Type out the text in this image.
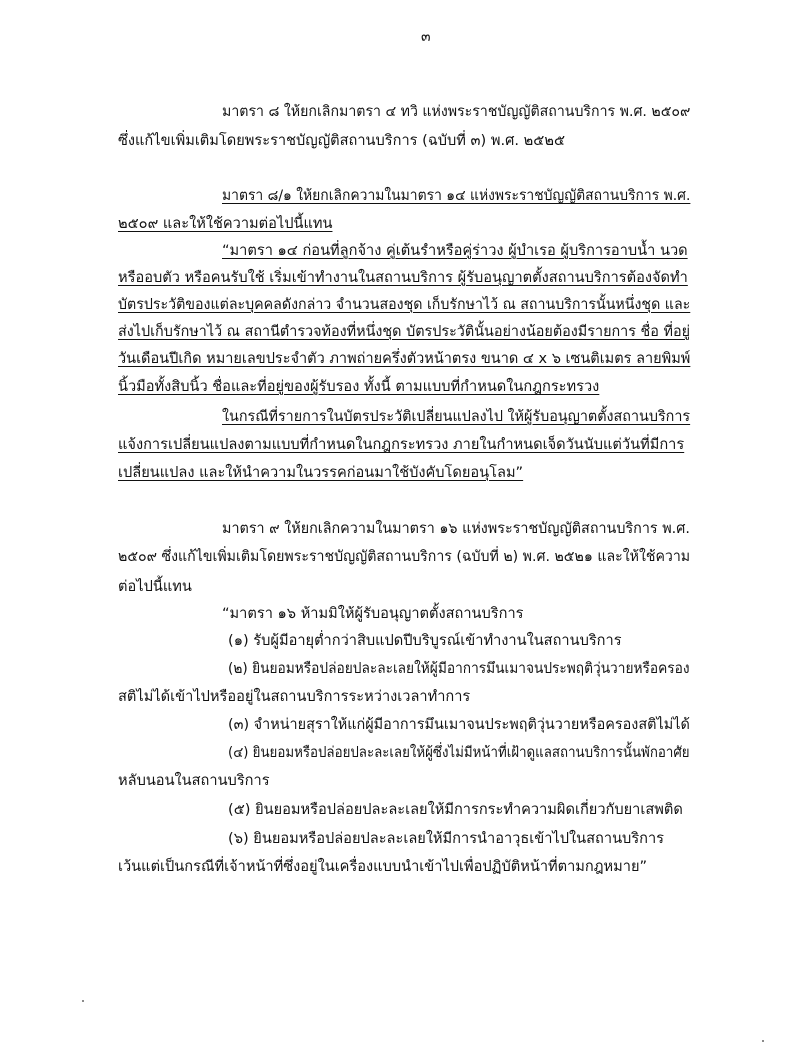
๓
มาตรา ๘ ให้ยกเลิกมาตรา ๔ ทวิ แห่งพระราชบัญญัติสถานบริการ พ.ศ. ๒๕๐๙
ซึ่งแก้ไขเพิ่มเติมโดยพระราชบัญญัติสถานบริการ (ฉบับที่ ๓) พ.ศ. ๒๕๒๕
มาตรา ๘/๑ ให้ยกเลิกความในมาตรา ๑๔ แห่งพระราชบัญญัติสถานบริการ พ.ศ.
๒๕๐๙ และให้ใช้ความต่อไปนี้แทน
“มาตรา ๑๔ ก่อนที่ลูกจ้าง คู่เต้นรำหรือคู่ร่าวง ผู้บำเรอ ผู้บริการอาบน้ำ นวด
หรืออบตัว หรือคนรับใช้ เริ่มเข้าทำงานในสถานบริการ ผู้รับอนุญาตตั้งสถานบริการต้องจัดทำ
บัตรประวัติของแต่ละบุคคลดังกล่าว จำนวนสองชุด เก็บรักษาไว้ ณ สถานบริการนั้นหนึ่งชุด และ
ส่งไปเก็บรักษาไว้ ณ สถานีตำรวจท้องที่หนึ่งชุด บัตรประวัตินั้นอย่างน้อยต้องมีรายการ ชื่อ ที่อยู่
วันเดือนปีเกิด หมายเลขประจำตัว ภาพถ่ายครึ่งตัวหน้าตรง ขนาด ๔ x ๖ เซนติเมตร ลายพิมพ์
นิ้วมือทั้งสิบนิ้ว ชื่อและที่อยู่ของผู้รับรอง ทั้งนี้ ตามแบบที่กำหนดในกฎกระทรวง
ในกรณีที่รายการในบัตรประวัติเปลี่ยนแปลงไป ให้ผู้รับอนุญาตตั้งสถานบริการ
แจ้งการเปลี่ยนแปลงตามแบบที่กำหนดในกฎกระทรวง ภายในกำหนดเจ็ดวันนับแต่วันที่มีการ
เปลี่ยนแปลง และให้นำความในวรรคก่อนมาใช้บังคับโดยอนุโลม”
มาตรา ๙ ให้ยกเลิกความในมาตรา ๑๖ แห่งพระราชบัญญัติสถานบริการ พ.ศ.
๒๕๐๙ ซึ่งแก้ไขเพิ่มเติมโดยพระราชบัญญัติสถานบริการ (ฉบับที่ ๒) พ.ศ. ๒๕๒๑ และให้ใช้ความ
ต่อไปนี้แทน
“มาตรา ๑๖ ห้ามมิให้ผู้รับอนุญาตตั้งสถานบริการ
(๑) รับผู้มีอายุต่ำกว่าสิบแปดปีบริบูรณ์เข้าทำงานในสถานบริการ
(๒) ยินยอมหรือปล่อยปละละเลยให้ผู้มีอาการมึนเมาจนประพฤติวุ่นวายหรือครอง
สติไม่ได้เข้าไปหรืออยู่ในสถานบริการระหว่างเวลาทำการ
(๓) จำหน่ายสุราให้แก่ผู้มีอาการมึนเมาจนประพฤติวุ่นวายหรือครองสติไม่ได้
(๔) ยินยอมหรือปล่อยปละละเลยให้ผู้ซึ่งไม่มีหน้าที่เฝ้าดูแลสถานบริการนั้นพักอาศัย
หลับนอนในสถานบริการ
(๕) ยินยอมหรือปล่อยปละละเลยให้มีการกระทำความผิดเกี่ยวกับยาเสพติด
(๖) ยินยอมหรือปล่อยปละละเลยให้มีการนำอาวุธเข้าไปในสถานบริการ
เว้นแต่เป็นกรณีที่เจ้าหน้าที่ซึ่งอยู่ในเครื่องแบบนำเข้าไปเพื่อปฏิบัติหน้าที่ตามกฎหมาย”
